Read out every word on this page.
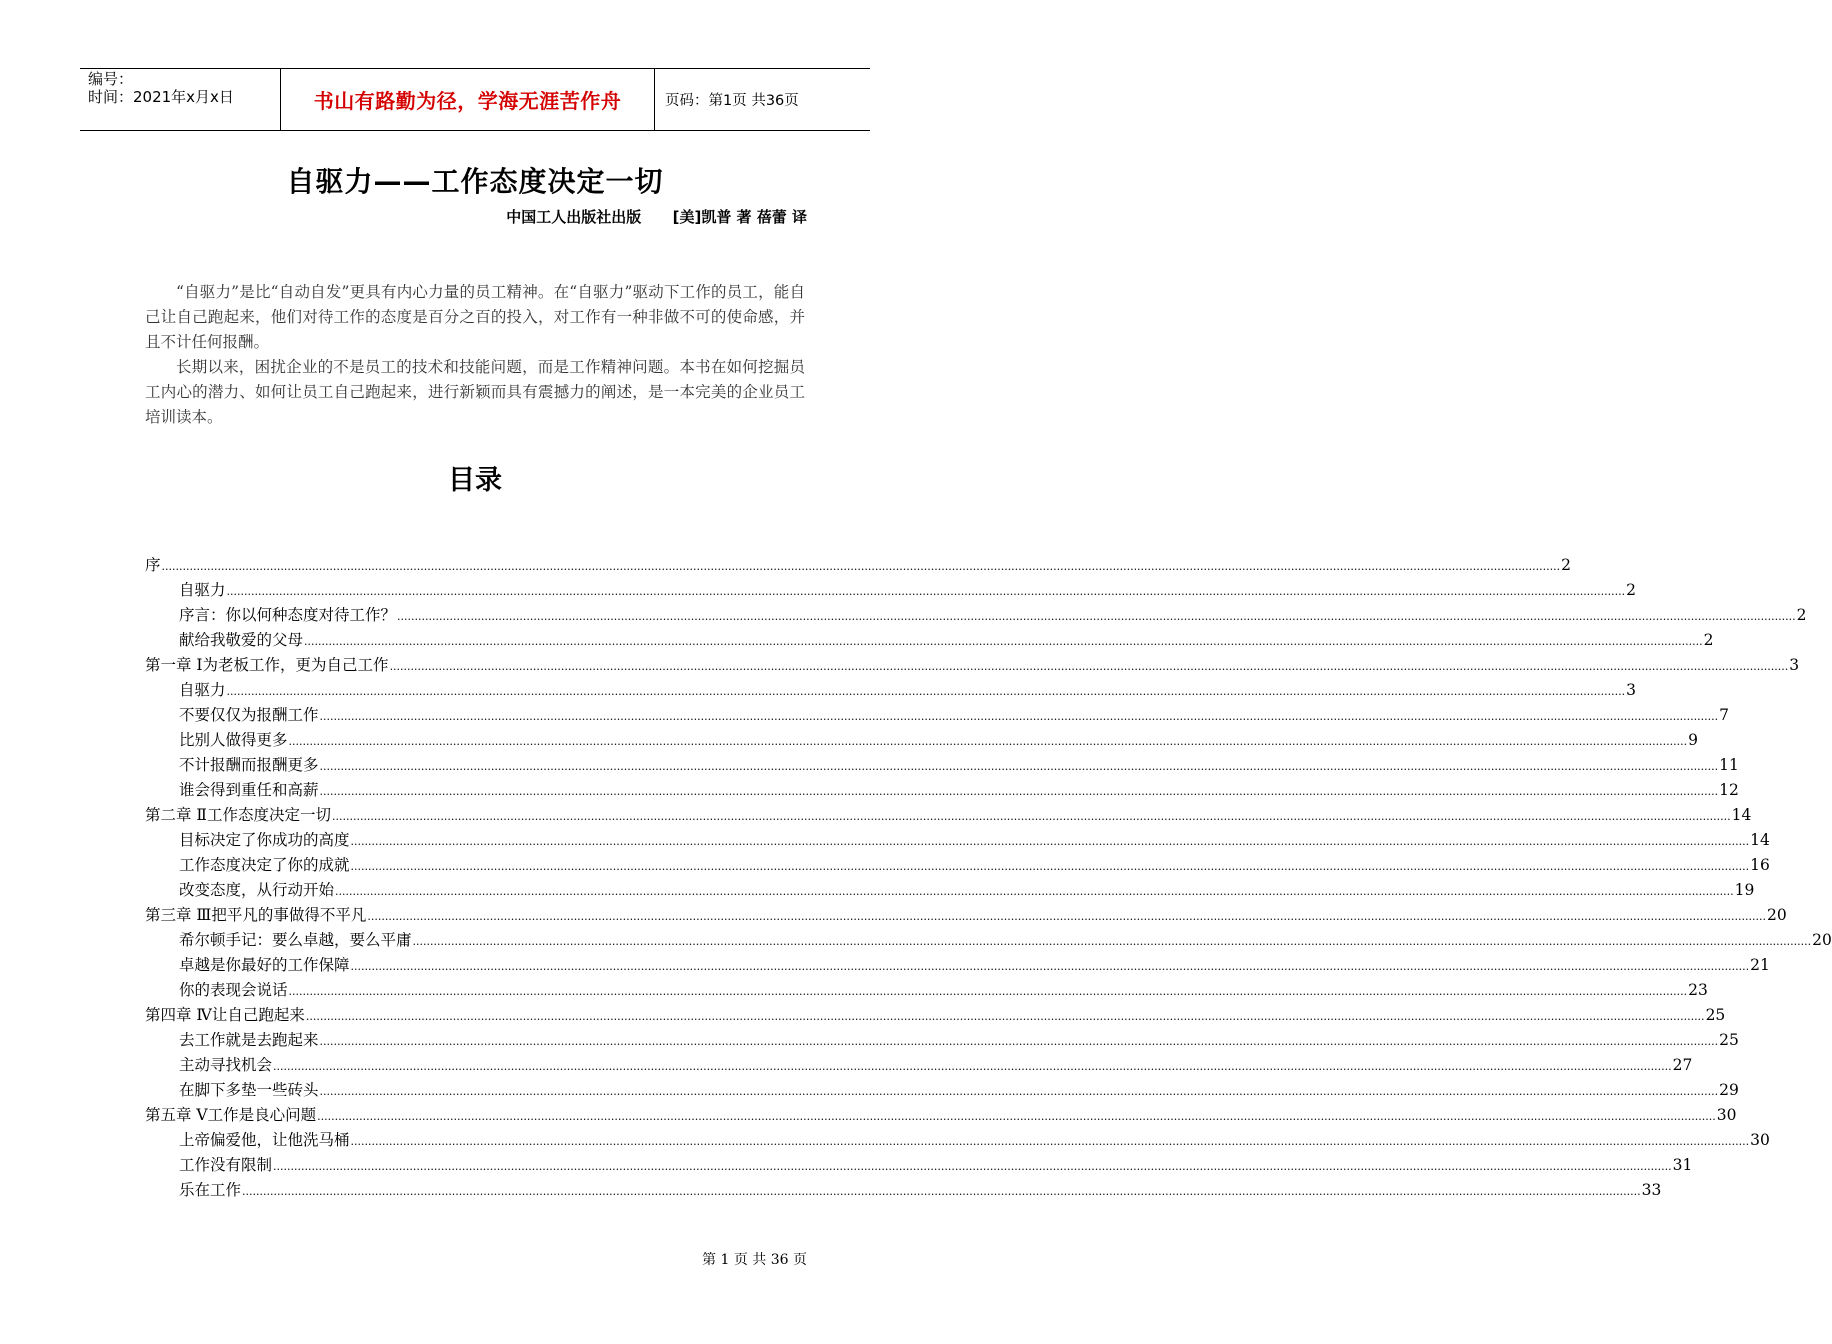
编号：
时间：2021年x月x日	书山有路勤为径，学海无涯苦作舟	页码：第1页 共36页
自驱力——工作态度决定一切
中国工人出版社出版      [美]凯普 著 蓓蕾 译
“自驱力”是比“自动自发”更具有内心力量的员工精神。在“自驱力”驱动下工作的员工，能自己让自己跑起来，他们对待工作的态度是百分之百的投入，对工作有一种非做不可的使命感，并且不计任何报酬。
长期以来，困扰企业的不是员工的技术和技能问题，而是工作精神问题。本书在如何挖掘员工内心的潜力、如何让员工自己跑起来，进行新颖而具有震撼力的阐述，是一本完美的企业员工培训读本。
目录
序 ................................................................................................................................................................................................................................................................................................................................................................................................................ 2
自驱力 ................................................................................................................................................................................................................................................................................................................................................................................................................ 2
序言：你以何种态度对待工作？ ................................................................................................................................................................................................................................................................................................................................................................................................................ 2
献给我敬爱的父母 ................................................................................................................................................................................................................................................................................................................................................................................................................ 2
第一章 Ⅰ为老板工作，更为自己工作 ................................................................................................................................................................................................................................................................................................................................................................................................................ 3
自驱力 ................................................................................................................................................................................................................................................................................................................................................................................................................ 3
不要仅仅为报酬工作 ................................................................................................................................................................................................................................................................................................................................................................................................................ 7
比别人做得更多 ................................................................................................................................................................................................................................................................................................................................................................................................................ 9
不计报酬而报酬更多 ................................................................................................................................................................................................................................................................................................................................................................................................................ 11
谁会得到重任和高薪 ................................................................................................................................................................................................................................................................................................................................................................................................................ 12
第二章 Ⅱ工作态度决定一切 ................................................................................................................................................................................................................................................................................................................................................................................................................ 14
目标决定了你成功的高度 ................................................................................................................................................................................................................................................................................................................................................................................................................ 14
工作态度决定了你的成就 ................................................................................................................................................................................................................................................................................................................................................................................................................ 16
改变态度，从行动开始 ................................................................................................................................................................................................................................................................................................................................................................................................................ 19
第三章 Ⅲ把平凡的事做得不平凡 ................................................................................................................................................................................................................................................................................................................................................................................................................ 20
希尔顿手记：要么卓越，要么平庸 ................................................................................................................................................................................................................................................................................................................................................................................................................ 20
卓越是你最好的工作保障 ................................................................................................................................................................................................................................................................................................................................................................................................................ 21
你的表现会说话 ................................................................................................................................................................................................................................................................................................................................................................................................................ 23
第四章 Ⅳ让自己跑起来 ................................................................................................................................................................................................................................................................................................................................................................................................................ 25
去工作就是去跑起来 ................................................................................................................................................................................................................................................................................................................................................................................................................ 25
主动寻找机会 ................................................................................................................................................................................................................................................................................................................................................................................................................ 27
在脚下多垫一些砖头 ................................................................................................................................................................................................................................................................................................................................................................................................................ 29
第五章 Ⅴ工作是良心问题 ................................................................................................................................................................................................................................................................................................................................................................................................................ 30
上帝偏爱他，让他洗马桶 ................................................................................................................................................................................................................................................................................................................................................................................................................ 30
工作没有限制 ................................................................................................................................................................................................................................................................................................................................................................................................................ 31
乐在工作 ................................................................................................................................................................................................................................................................................................................................................................................................................ 33
第 1 页 共 36 页
